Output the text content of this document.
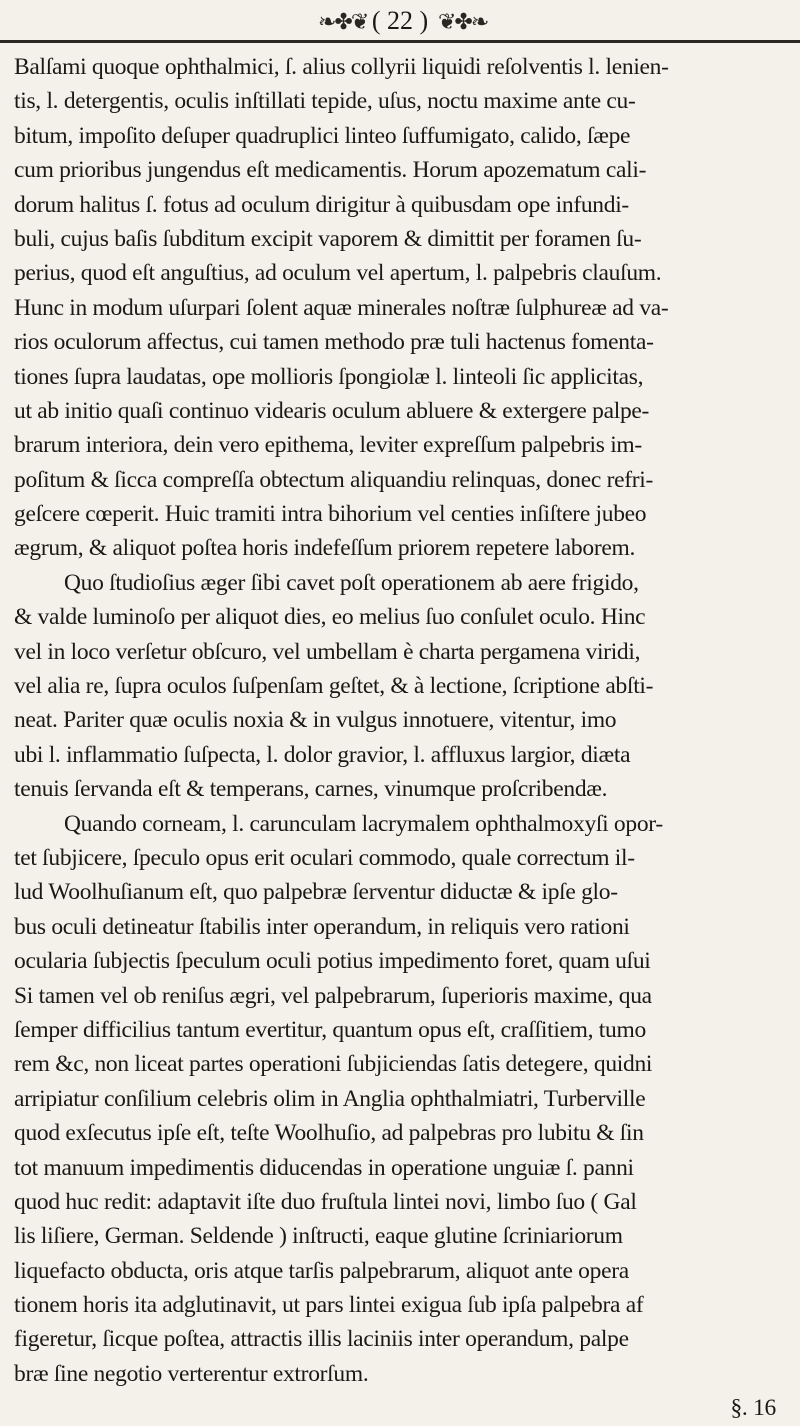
❧✤❦ ( 22 ) ❦✤❧
Balſami quoque ophthalmici, ſ. alius collyrii liquidi reſolventis l. lenien-
tis, l. detergentis, oculis inſtillati tepide, uſus, noctu maxime ante cu-
bitum, impoſito deſuper quadruplici linteo ſuffumigato, calido, ſæpe
cum prioribus jungendus eſt medicamentis. Horum apozematum cali-
dorum halitus ſ. fotus ad oculum dirigitur à quibusdam ope infundi-
buli, cujus baſis ſubditum excipit vaporem & dimittit per foramen ſu-
perius, quod eſt anguſtius, ad oculum vel apertum, l. palpebris clauſum.
Hunc in modum uſurpari ſolent aquæ minerales noſtræ ſulphureæ ad va-
rios oculorum affectus, cui tamen methodo præ tuli hactenus fomenta-
tiones ſupra laudatas, ope mollioris ſpongiolæ l. linteoli ſic applicitas,
ut ab initio quaſi continuo videaris oculum abluere & extergere palpe-
brarum interiora, dein vero epithema, leviter expreſſum palpebris im-
poſitum & ſicca compreſſa obtectum aliquandiu relinquas, donec refri-
geſcere cœperit. Huic tramiti intra bihorium vel centies inſiſtere jubeo
ægrum, & aliquot poſtea horis indefeſſum priorem repetere laborem.
Quo ſtudioſius æger ſibi cavet poſt operationem ab aere frigido,
& valde luminoſo per aliquot dies, eo melius ſuo conſulet oculo. Hinc
vel in loco verſetur obſcuro, vel umbellam è charta pergamena viridi,
vel alia re, ſupra oculos ſuſpenſam geſtet, & à lectione, ſcriptione abſti-
neat. Pariter quæ oculis noxia & in vulgus innotuere, vitentur, imo
ubi l. inflammatio ſuſpecta, l. dolor gravior, l. affluxus largior, diæta
tenuis ſervanda eſt & temperans, carnes, vinumque proſcribendæ.
Quando corneam, l. carunculam lacrymalem ophthalmoxyſi opor-
tet ſubjicere, ſpeculo opus erit oculari commodo, quale correctum il-
lud Woolhuſianum eſt, quo palpebræ ſerventur diductæ & ipſe glo-
bus oculi detineatur ſtabilis inter operandum, in reliquis vero rationi
ocularia ſubjectis ſpeculum oculi potius impedimento foret, quam uſui
Si tamen vel ob reniſus ægri, vel palpebrarum, ſuperioris maxime, qua
ſemper difficilius tantum evertitur, quantum opus eſt, craſſitiem, tumo
rem &c, non liceat partes operationi ſubjiciendas ſatis detegere, quidni
arripiatur conſilium celebris olim in Anglia ophthalmiatri, Turberville
quod exſecutus ipſe eſt, teſte Woolhuſio, ad palpebras pro lubitu & ſin
tot manuum impedimentis diducendas in operatione unguiæ ſ. panni
quod huc redit: adaptavit iſte duo fruſtula lintei novi, limbo ſuo ( Gal
lis liſiere, German. Seldende ) inſtructi, eaque glutine ſcriniariorum
liquefacto obducta, oris atque tarſis palpebrarum, aliquot ante opera
tionem horis ita adglutinavit, ut pars lintei exigua ſub ipſa palpebra af
figeretur, ſicque poſtea, attractis illis laciniis inter operandum, palpe
bræ ſine negotio verterentur extrorſum.
§. 16
